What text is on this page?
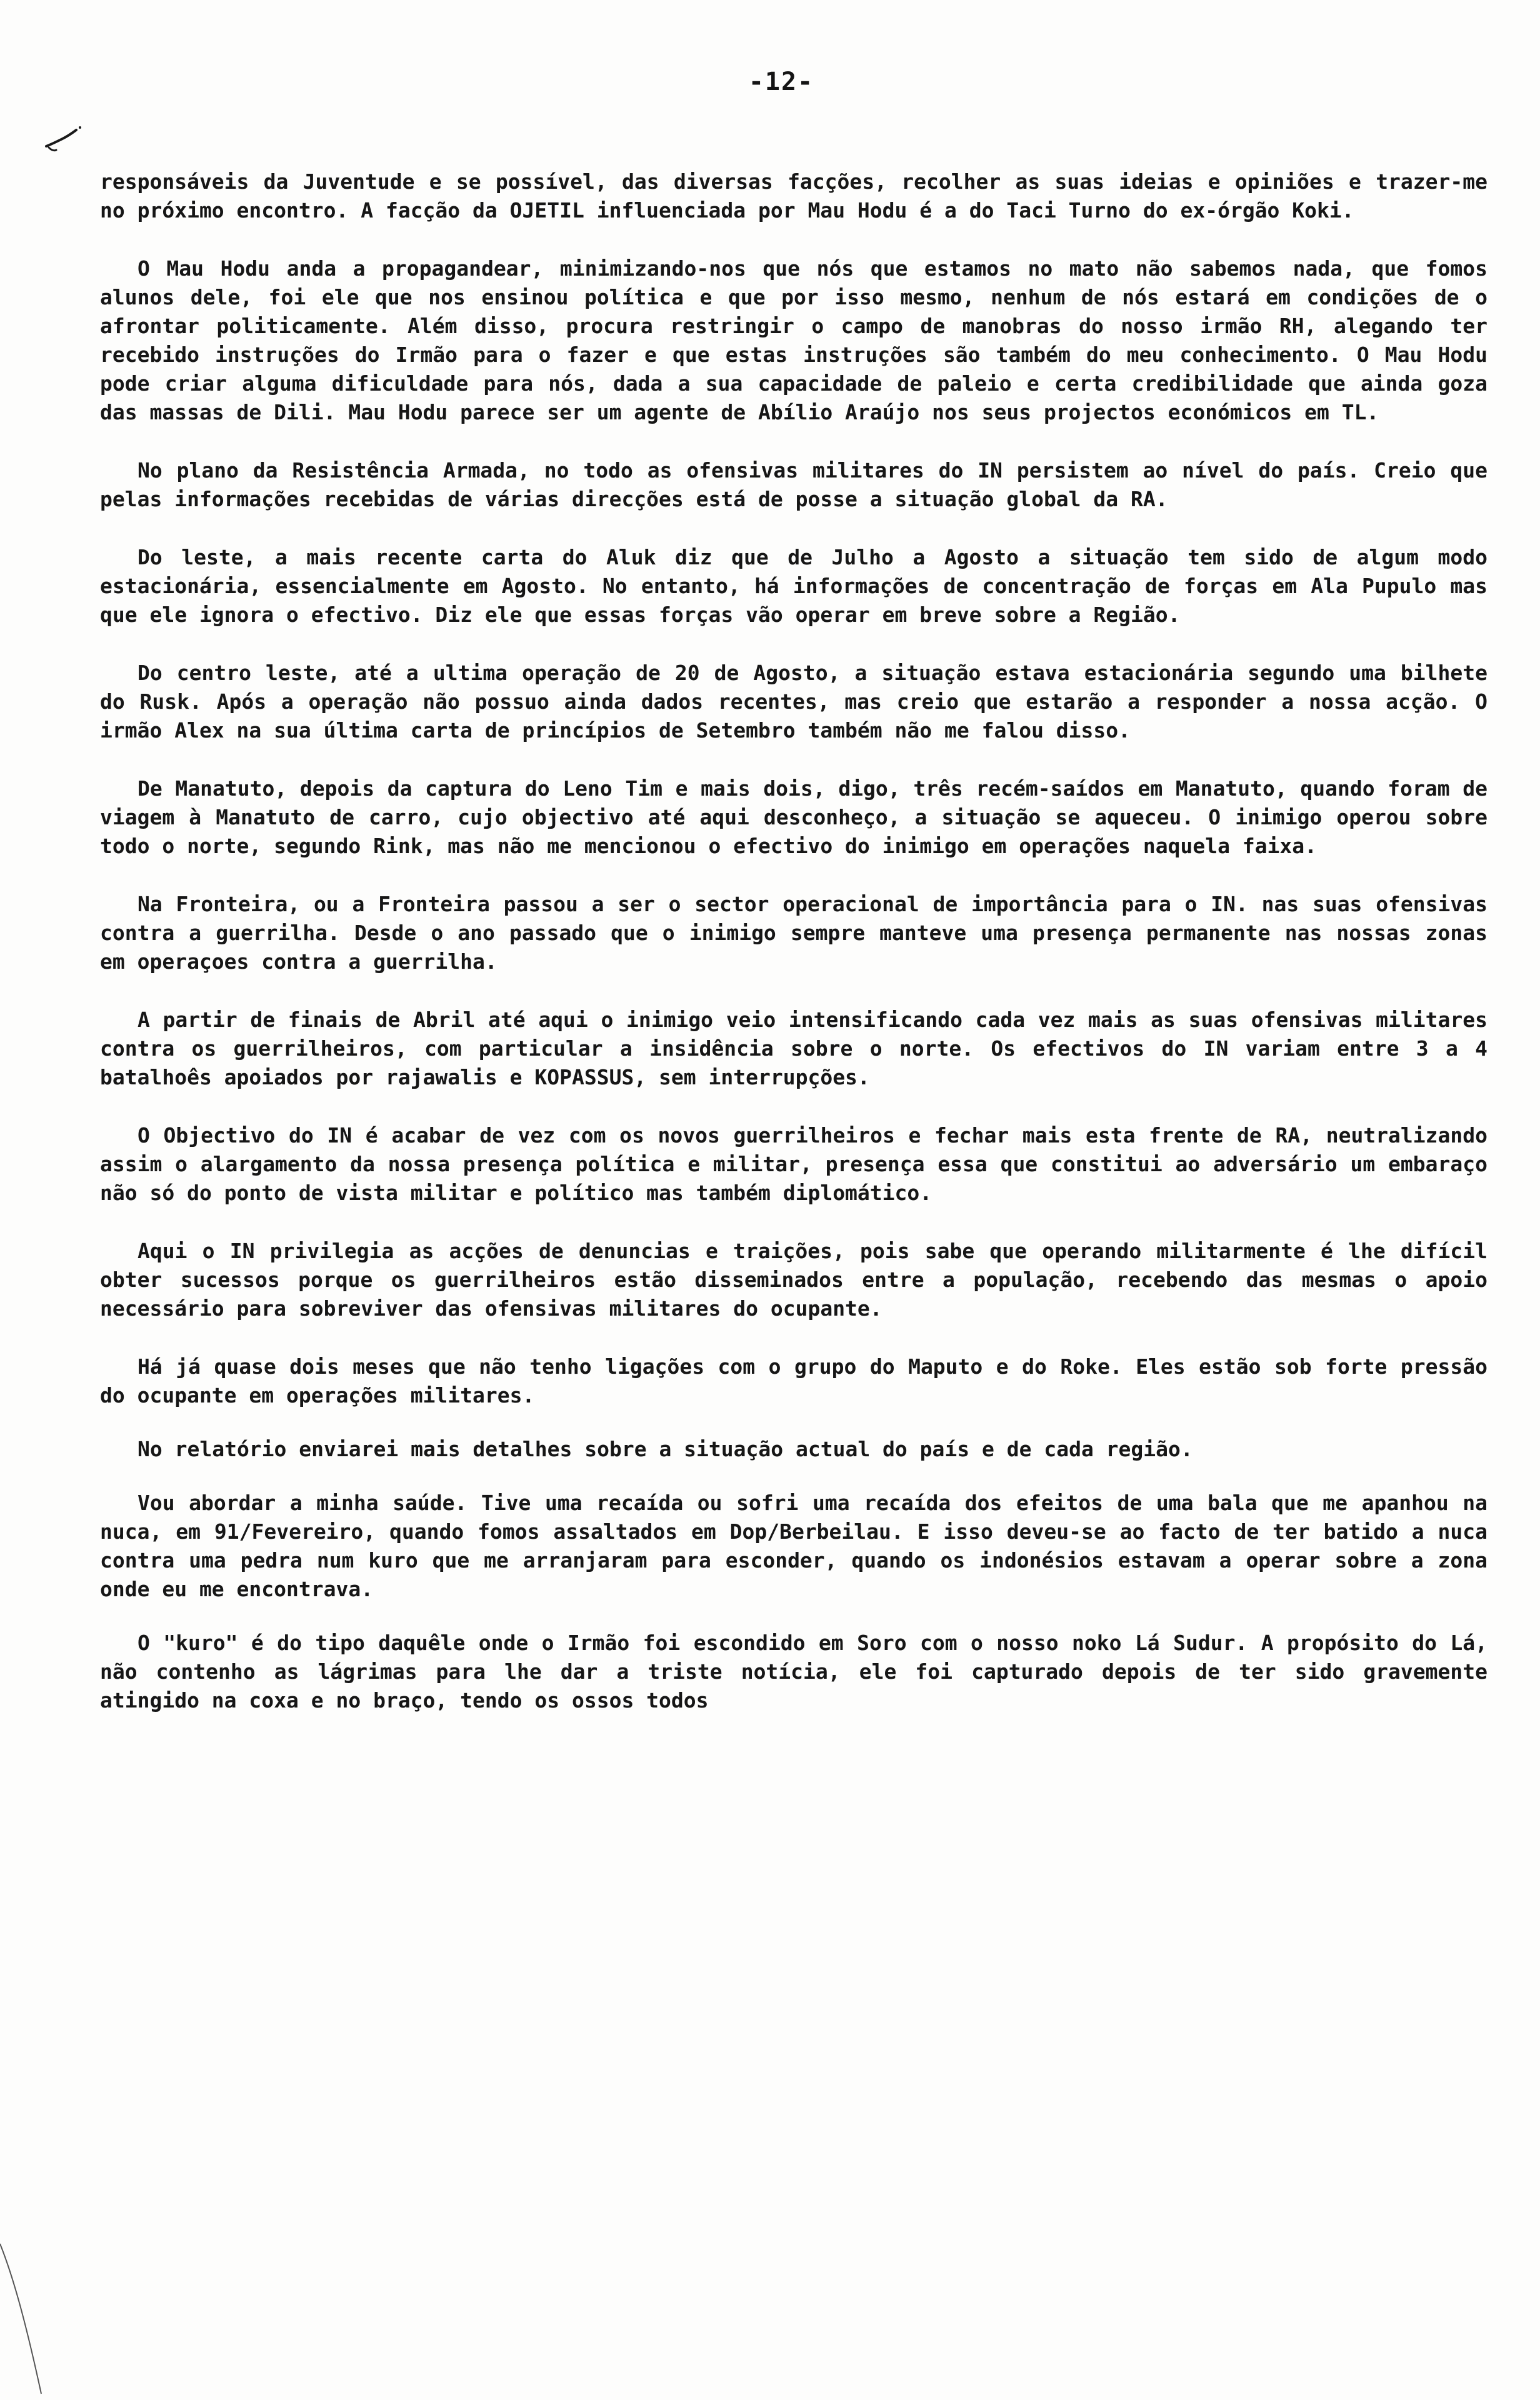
-12-

responsáveis da Juventude e se possível, das diversas facções, recolher as suas ideias e opiniões e trazer-me no próximo encontro. A facção da OJETIL influenciada por Mau Hodu é a do Taci Turno do ex-órgão Koki.

O Mau Hodu anda a propagandear, minimizando-nos que nós que estamos no mato não sabemos nada, que fomos alunos dele, foi ele que nos ensinou política e que por isso mesmo, nenhum de nós estará em condições de o afrontar politicamente. Além disso, procura restringir o campo de manobras do nosso irmão RH, alegando ter recebido instruções do Irmão para o fazer e que estas instruções são também do meu conhecimento. O Mau Hodu pode criar alguma dificuldade para nós, dada a sua capacidade de paleio e certa credibilidade que ainda goza das massas de Dili. Mau Hodu parece ser um agente de Abílio Araújo nos seus projectos económicos em TL.

No plano da Resistência Armada, no todo as ofensivas militares do IN persistem ao nível do país. Creio que pelas informações recebidas de várias direcções está de posse a situação global da RA.

Do leste, a mais recente carta do Aluk diz que de Julho a Agosto a situação tem sido de algum modo estacionária, essencialmente em Agosto. No entanto, há informações de concentração de forças em Ala Pupulo mas que ele ignora o efectivo. Diz ele que essas forças vão operar em breve sobre a Região.

Do centro leste, até a ultima operação de 20 de Agosto, a situação estava estacionária segundo uma bilhete do Rusk. Após a operação não possuo ainda dados recentes, mas creio que estarão a responder a nossa acção. O irmão Alex na sua última carta de princípios de Setembro também não me falou disso.

De Manatuto, depois da captura do Leno Tim e mais dois, digo, três recém-saídos em Manatuto, quando foram de viagem à Manatuto de carro, cujo objectivo até aqui desconheço, a situação se aqueceu. O inimigo operou sobre todo o norte, segundo Rink, mas não me mencionou o efectivo do inimigo em operações naquela faixa.

Na Fronteira, ou a Fronteira passou a ser o sector operacional de importância para o IN. nas suas ofensivas contra a guerrilha. Desde o ano passado que o inimigo sempre manteve uma presença permanente nas nossas zonas em operaçoes contra a guerrilha.

A partir de finais de Abril até aqui o inimigo veio intensificando cada vez mais as suas ofensivas militares contra os guerrilheiros, com particular a insidência sobre o norte. Os efectivos do IN variam entre 3 a 4 batalhoês apoiados por rajawalis e KOPASSUS, sem interrupções.

O Objectivo do IN é acabar de vez com os novos guerrilheiros e fechar mais esta frente de RA, neutralizando assim o alargamento da nossa presença política e militar, presença essa que constitui ao adversário um embaraço não só do ponto de vista militar e político mas também diplomático.

Aqui o IN privilegia as acções de denuncias e traições, pois sabe que operando militarmente é lhe difícil obter sucessos porque os guerrilheiros estão disseminados entre a população, recebendo das mesmas o apoio necessário para sobreviver das ofensivas militares do ocupante.

Há já quase dois meses que não tenho ligações com o grupo do Maputo e do Roke. Eles estão sob forte pressão do ocupante em operações militares.

No relatório enviarei mais detalhes sobre a situação actual do país e de cada região.

Vou abordar a minha saúde. Tive uma recaída ou sofri uma recaída dos efeitos de uma bala que me apanhou na nuca, em 91/Fevereiro, quando fomos assaltados em Dop/Berbeilau. E isso deveu-se ao facto de ter batido a nuca contra uma pedra num kuro que me arranjaram para esconder, quando os indonésios estavam a operar sobre a zona onde eu me encontrava.

O "kuro" é do tipo daquêle onde o Irmão foi escondido em Soro com o nosso noko Lá Sudur. A propósito do Lá, não contenho as lágrimas para lhe dar a triste notícia, ele foi capturado depois de ter sido gravemente atingido na coxa e no braço, tendo os ossos todos
